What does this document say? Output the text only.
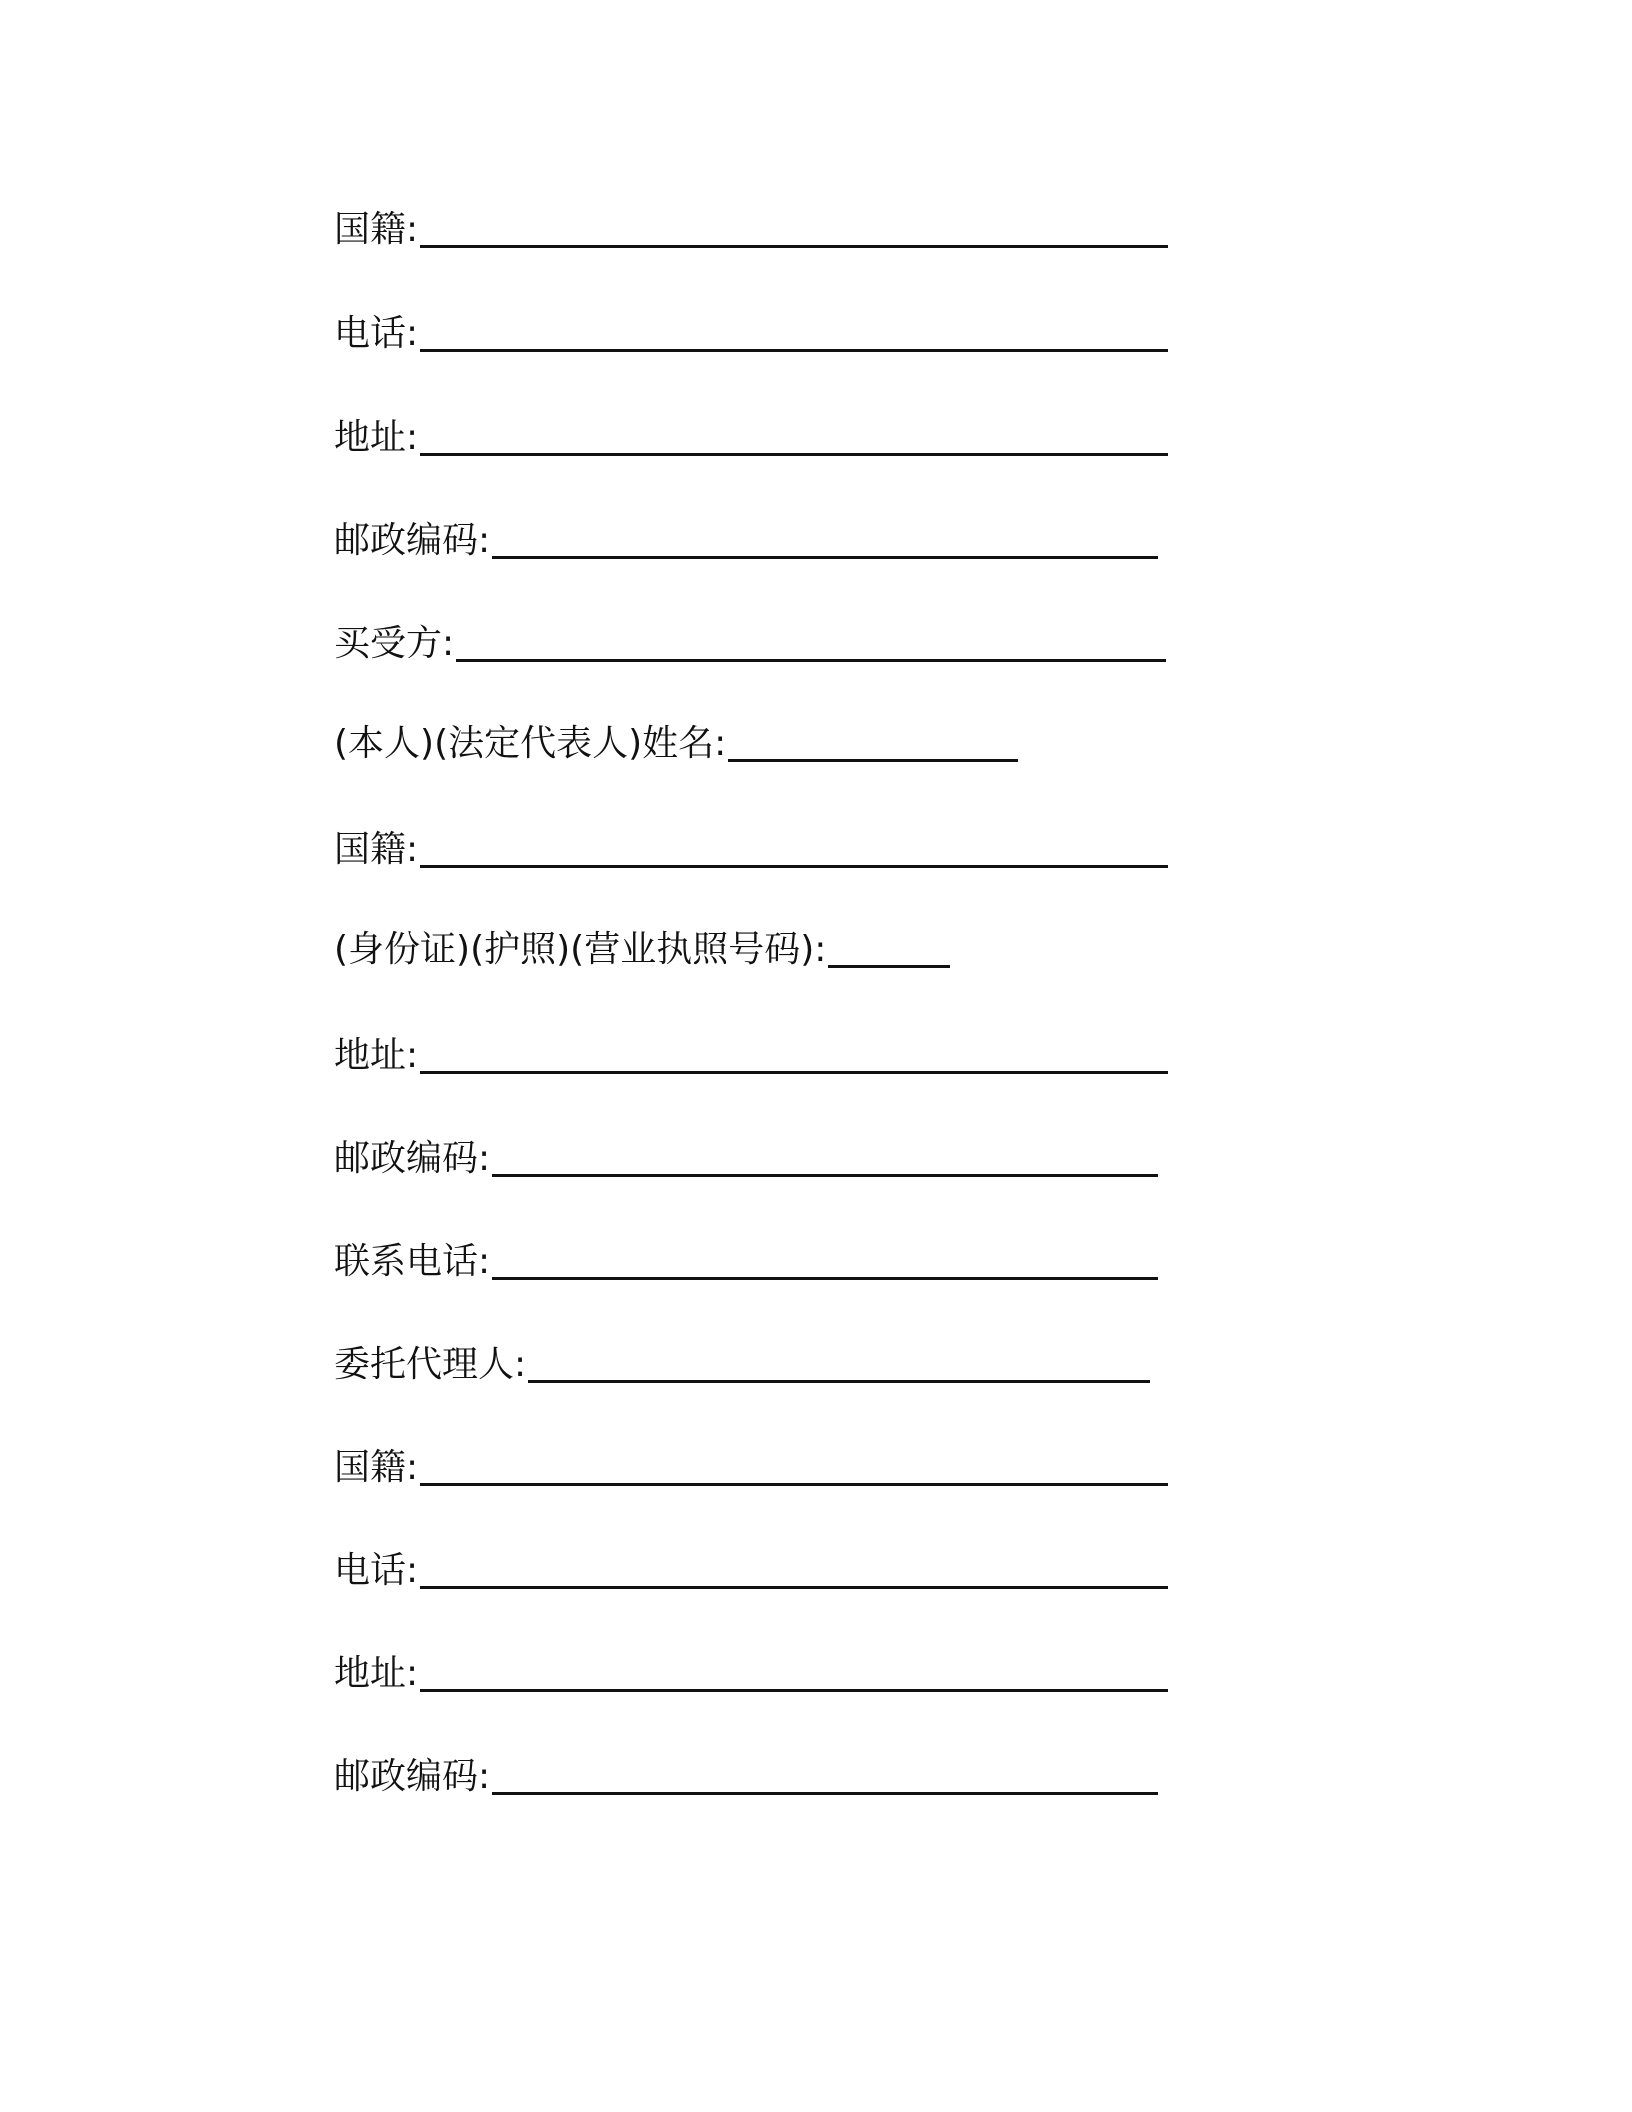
国籍:
电话:
地址:
邮政编码:
买受方:
(本人)(法定代表人)姓名:
国籍:
(身份证)(护照)(营业执照号码):
地址:
邮政编码:
联系电话:
委托代理人:
国籍:
电话:
地址:
邮政编码:
